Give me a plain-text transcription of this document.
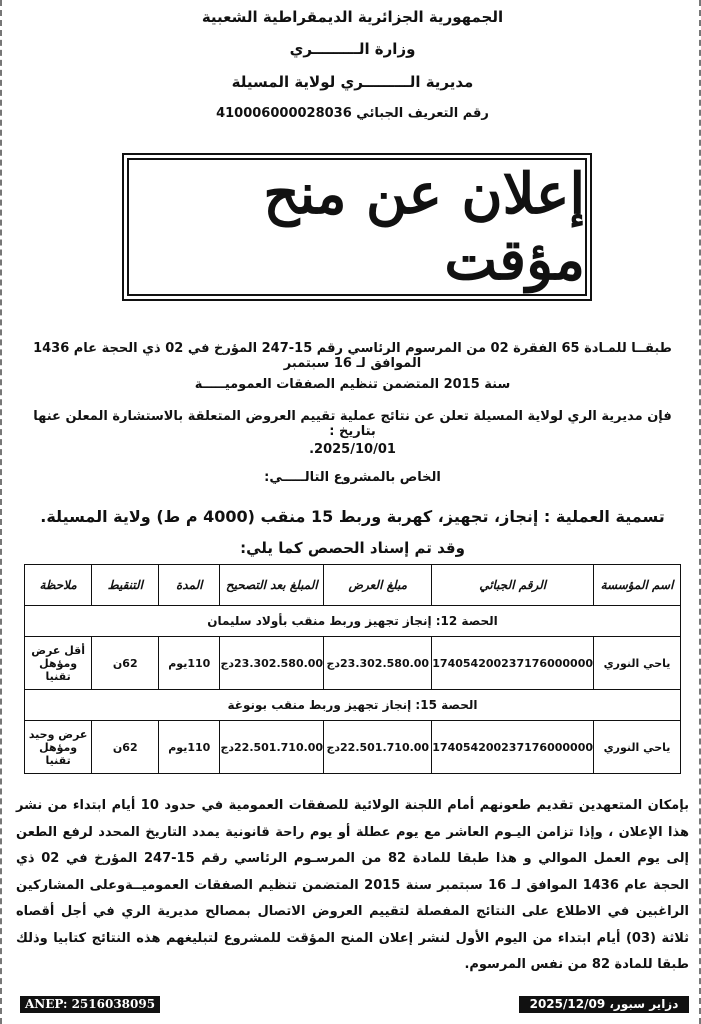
الجمهورية الجزائرية الديمقراطية الشعبية
وزارة الـــــــــري
مديرية الـــــــــري لولاية المسيلة
رقم التعريف الجبائي 410006000028036
إعلان عن منح مؤقت
طبقــا للمـادة 65 الفقرة 02 من المرسوم الرئاسي رقم 15-247 المؤرخ في 02 ذي الحجة عام 1436 الموافق لـ 16 سبتمبر
سنة 2015 المتضمن تنظيم الصفقات العموميـــــة
فإن مديرية الري لولاية المسيلة تعلن عن نتائج عملية تقييم العروض المتعلقة بالاستشارة المعلن عنها بتاريخ :
2025/10/01.
الخاص بالمشروع التالـــــي:
تسمية العملية : إنجاز، تجهيز، كهربة وربط 15 منقب (4000 م ط) ولاية المسيلة.
وقد تم إسناد الحصص كما يلي:
اسم المؤسسة	الرقم الجبائي	مبلغ العرض	المبلغ بعد التصحيح	المدة	التنقيط	ملاحظة
الحصة 12: إنجاز تجهيز وربط منقب بأولاد سليمان						
ياحي النوري	174054200237176000000	23.302.580.00دج	23.302.580.00دج	110يوم	62ن	أقل عرض
ومؤهل تقنيا

الحصة 15: إنجاز تجهيز وربط منقب بونوغة						
ياحي النوري	174054200237176000000	22.501.710.00دج	22.501.710.00دج	110يوم	62ن	عرض وحيد
ومؤهل تقنيا
بإمكان المتعهدين تقديم طعونهم أمام اللجنة الولائية للصفقات العمومية في حدود 10 أيام ابتداء من نشر هذا الإعلان ، وإذا تزامن اليـوم العاشر مع يوم عطلة أو يوم راحة قانونية يمدد التاريخ المحدد لرفع الطعن إلى يوم العمل الموالي و هذا طبقا للمادة 82 من المرسـوم الرئاسي رقم 15-247 المؤرخ في 02 ذي الحجة عام 1436 الموافق لـ 16 سبتمبر سنة 2015 المتضمن تنظيم الصفقات العموميــةوعلى المشاركين الراغبين في الاطلاع على النتائج المفصلة لتقييم العروض الاتصال بمصالح مديرية الري في أجل أقصاه ثلاثة (03) أيام ابتداء من اليوم الأول لنشر إعلان المنح المؤقت للمشروع لتبليغهم هذه النتائج كتابيا وذلك طبقا للمادة 82 من نفس المرسوم.
ANEP: 2516038095	دزاير سبور، 2025/12/09
